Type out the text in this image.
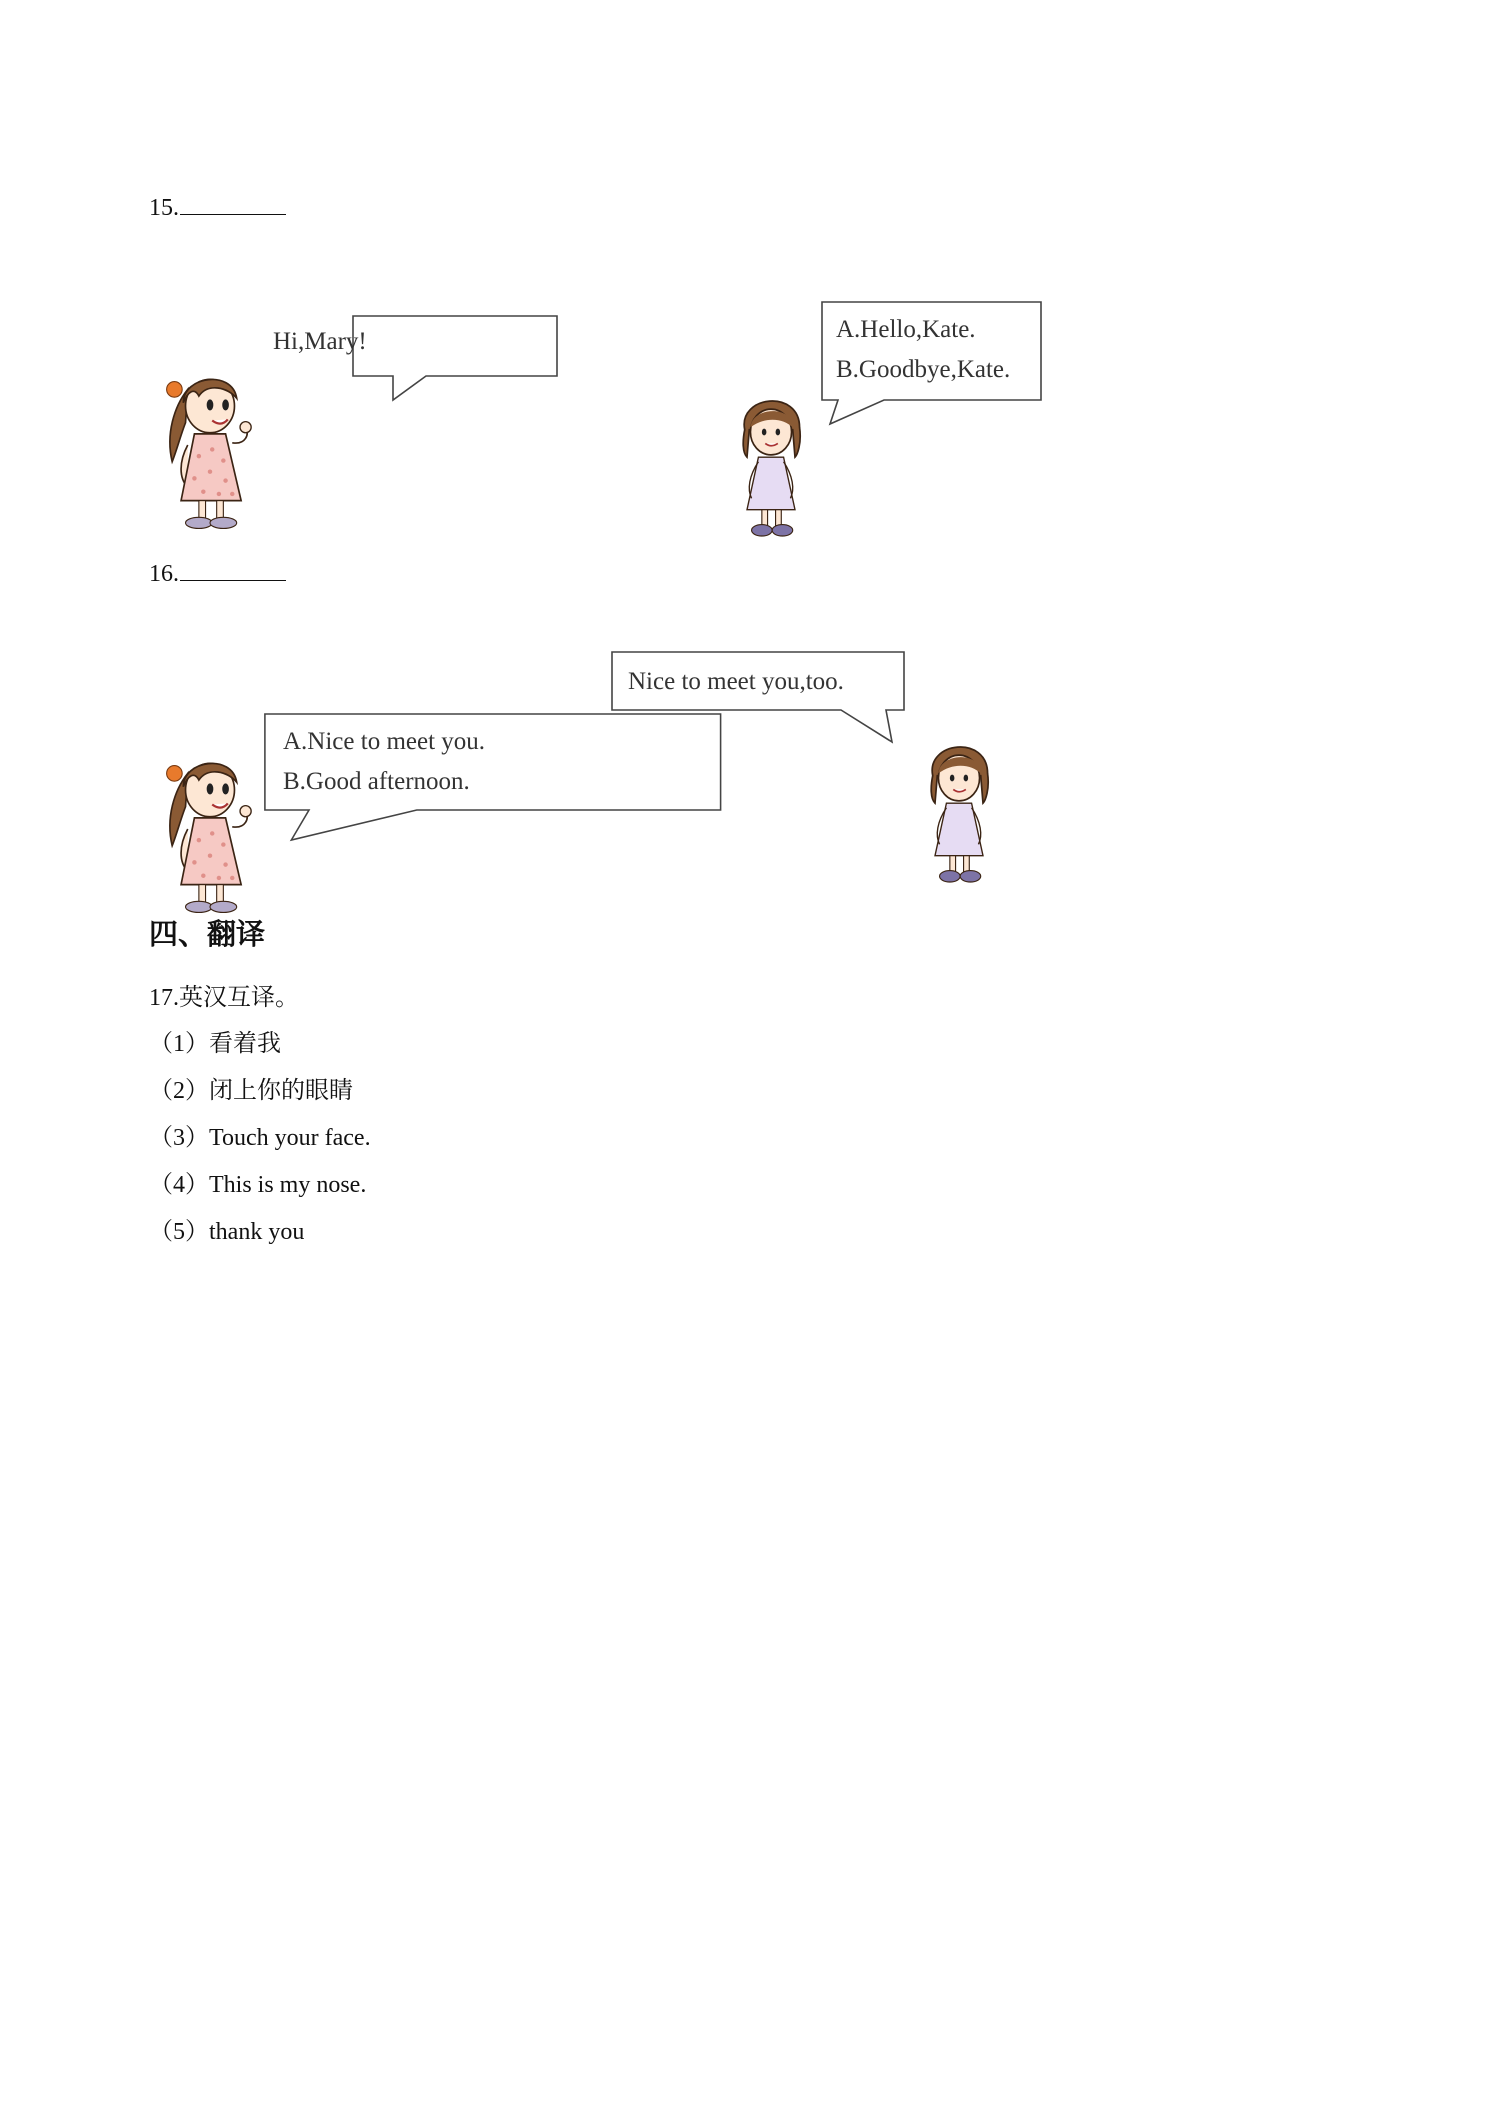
15.
Hi,Mary!	A.Hello,Kate.
B.Goodbye,Kate.
16.
A.Nice to meet you.
B.Good afternoon.
Nice to meet you,too.
四、翻译
17.英汉互译。
（1）看着我
（2）闭上你的眼睛
（3）Touch your face.
（4）This is my nose.
（5）thank you
